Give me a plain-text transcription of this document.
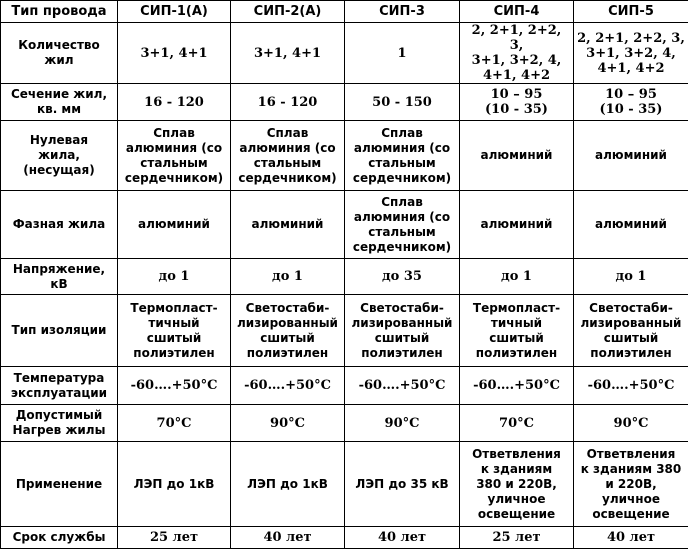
Тип провода	СИП-1(А)	СИП-2(А)	СИП-3	СИП-4	СИП-5
Количество
жил	3+1, 4+1	3+1, 4+1	1	2, 2+1, 2+2, 3,
3+1, 3+2, 4,
4+1, 4+2	2, 2+1, 2+2, 3,
3+1, 3+2, 4,
4+1, 4+2
Сечение жил,
кв. мм	16 - 120	16 - 120	50 - 150	10 – 95
(10 - 35)	10 – 95
(10 - 35)
Нулевая
жила,
(несущая)	Сплав
алюминия (со
стальным
сердечником)	Сплав
алюминия (со
стальным
сердечником)	Сплав
алюминия (со
стальным
сердечником)	алюминий	алюминий
Фазная жила	алюминий	алюминий	Сплав
алюминия (со
стальным
сердечником)	алюминий	алюминий
Напряжение,
кВ	до 1	до 1	до 35	до 1	до 1
Тип изоляции	Термопласт-
тичный
сшитый
полиэтилен	Светостаби-
лизированный
сшитый
полиэтилен	Светостаби-
лизированный
сшитый
полиэтилен	Термопласт-
тичный
сшитый
полиэтилен	Светостаби-
лизированный
сшитый
полиэтилен
Температура
эксплуатации	-60….+50°С	-60….+50°С	-60….+50°С	-60….+50°С	-60….+50°С
Допустимый
Нагрев жилы	70°С	90°С	90°С	70°С	90°С
Применение	ЛЭП до 1кВ	ЛЭП до 1кВ	ЛЭП до 35 кВ	Ответвления
к зданиям
380 и 220В,
уличное
освещение	Ответвления
к зданиям 380
и 220В,
уличное
освещение
Срок службы	25 лет	40 лет	40 лет	25 лет	40 лет
